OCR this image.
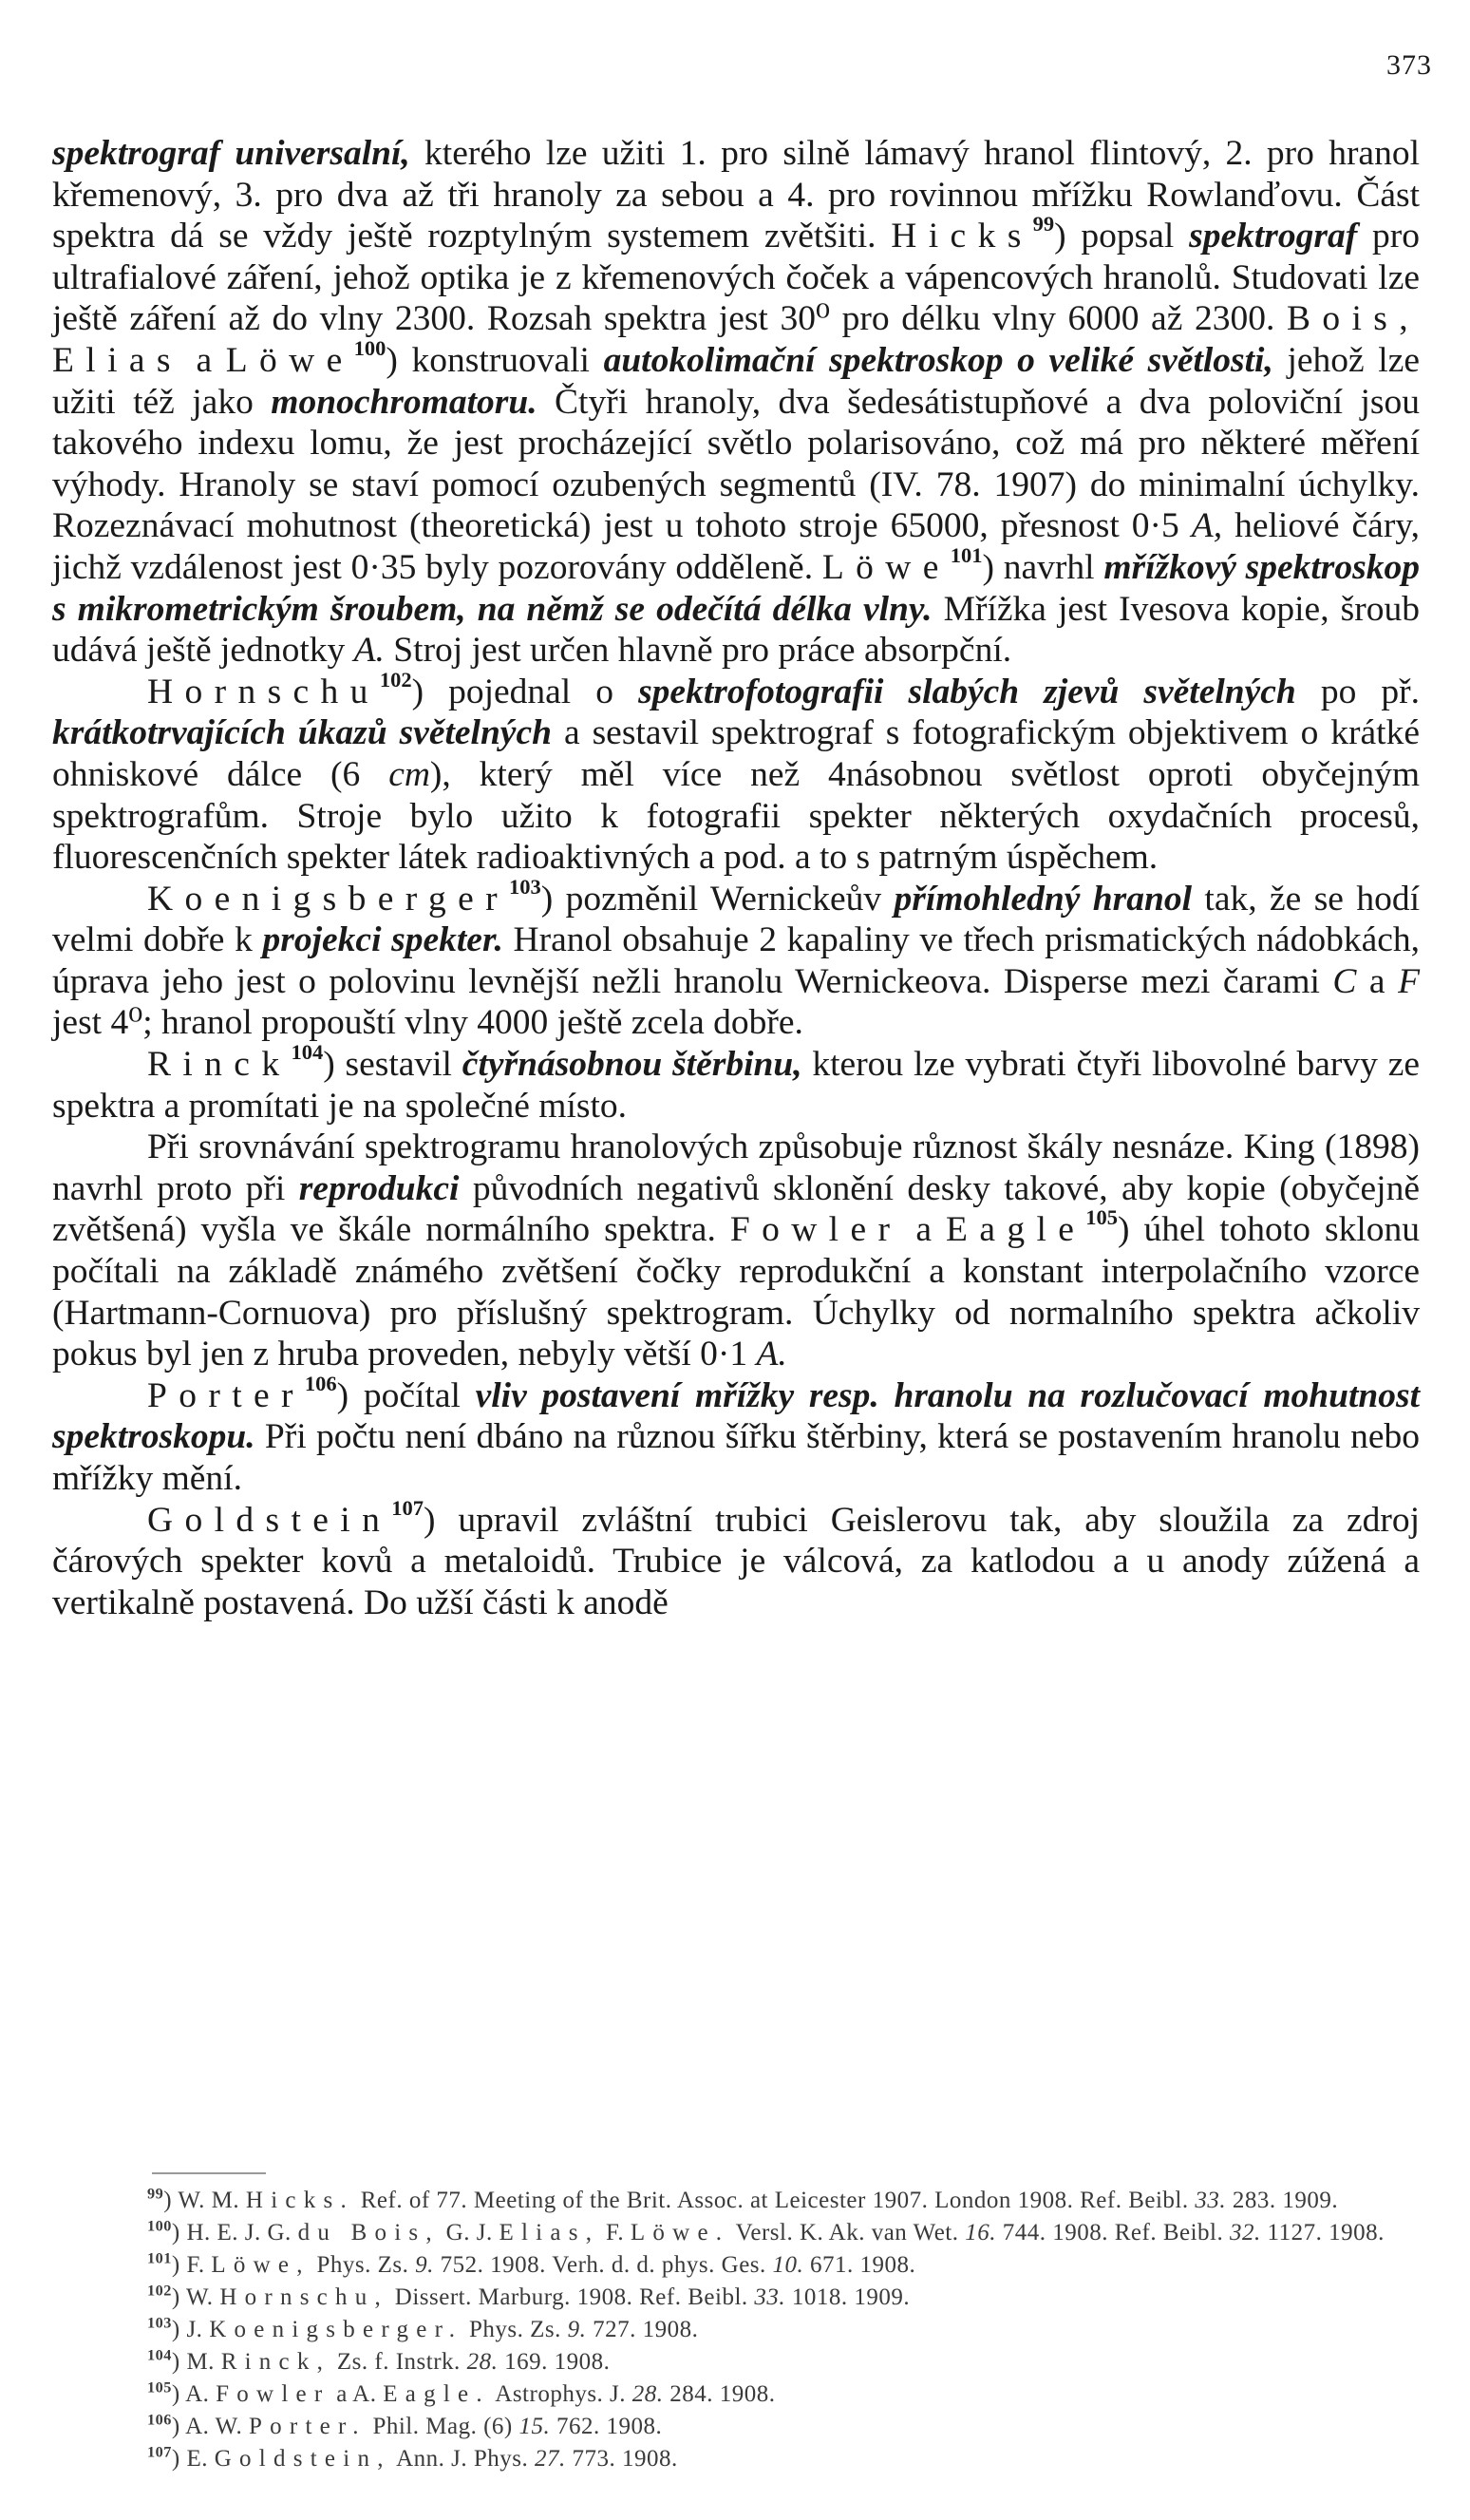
373

spektrograf universalní, kterého lze užiti 1. pro silně lámavý hranol flintový, 2. pro hranol křemenový, 3. pro dva až tři hranoly za sebou a 4. pro rovinnou mřížku Rowlanďovu. Část spektra dá se vždy ještě rozptylným systemem zvětšiti. Hicks$^{99}$) popsal spektrograf pro ultrafialové záření, jehož optika je z křemenových čoček a vápencových hranolů. Studovati lze ještě záření až do vlny 2300. Rozsah spektra jest 30⁰ pro délku vlny 6000 až 2300. Bois, Elias a Löwe$^{100}$) konstruovali autokolimační spektroskop o veliké světlosti, jehož lze užiti též jako monochromatoru. Čtyři hranoly, dva šedesátistupňové a dva poloviční jsou takového indexu lomu, že jest procházející světlo polarisováno, což má pro některé měření výhody. Hranoly se staví pomocí ozubených segmentů (IV. 78. 1907) do minimalní úchylky. Rozeznávací mohutnost (theoretická) jest u tohoto stroje 65000, přesnost 0·5 A, heliové čáry, jichž vzdálenost jest 0·35 byly pozorovány odděleně. Löwe$^{101}$) navrhl mřížkový spektroskop s mikrometrickým šroubem, na němž se odečítá délka vlny. Mřížka jest Ivesova kopie, šroub udává ještě jednotky A. Stroj jest určen hlavně pro práce absorpční.

Hornschu$^{102}$) pojednal o spektrofotografii slabých zjevů světelných po př. krátkotrvajících úkazů světelných a sestavil spektrograf s fotografickým objektivem o krátké ohniskové dálce (6 cm), který měl více než 4násobnou světlost oproti obyčejným spektrografům. Stroje bylo užito k fotografii spekter některých oxydačních procesů, fluorescenčních spekter látek radioaktivných a pod. a to s patrným úspěchem.

Koenigsberger$^{103}$) pozměnil Wernickeův přímohledný hranol tak, že se hodí velmi dobře k projekci spekter. Hranol obsahuje 2 kapaliny ve třech prismatických nádobkách, úprava jeho jest o polovinu levnější nežli hranolu Wernickeova. Disperse mezi čarami C a F jest 4⁰; hranol propouští vlny 4000 ještě zcela dobře.

Rinck$^{104}$) sestavil čtyřnásobnou štěrbinu, kterou lze vybrati čtyři libovolné barvy ze spektra a promítati je na společné místo.

Při srovnávání spektrogramu hranolových způsobuje různost škály nesnáze. King (1898) navrhl proto při reprodukci původních negativů sklonění desky takové, aby kopie (obyčejně zvětšená) vyšla ve škále normálního spektra. Fowler a Eagle$^{105}$) úhel tohoto sklonu počítali na základě známého zvětšení čočky reprodukční a konstant interpolačního vzorce (Hartmann-Cornuova) pro příslušný spektrogram. Úchylky od normalního spektra ačkoliv pokus byl jen z hruba proveden, nebyly větší 0·1 A.

Porter$^{106}$) počítal vliv postavení mřížky resp. hranolu na rozlučovací mohutnost spektroskopu. Při počtu není dbáno na různou šířku štěrbiny, která se postavením hranolu nebo mřížky mění.

Goldstein$^{107}$) upravil zvláštní trubici Geislerovu tak, aby sloužila za zdroj čárových spekter kovů a metaloidů. Trubice je válcová, za katlodou a u anody zúžená a vertikalně postavená. Do užší části k anodě

$^{99}$) W. M. Hicks. Ref. of 77. Meeting of the Brit. Assoc. at Leicester 1907. London 1908. Ref. Beibl. 33. 283. 1909.

$^{100}$) H. E. J. G. du Bois, G. J. Elias, F. Löwe. Versl. K. Ak. van Wet. 16. 744. 1908. Ref. Beibl. 32. 1127. 1908.

$^{101}$) F. Löwe, Phys. Zs. 9. 752. 1908. Verh. d. d. phys. Ges. 10. 671. 1908.

$^{102}$) W. Hornschu, Dissert. Marburg. 1908. Ref. Beibl. 33. 1018. 1909.

$^{103}$) J. Koenigsberger. Phys. Zs. 9. 727. 1908.

$^{104}$) M. Rinck, Zs. f. Instrk. 28. 169. 1908.

$^{105}$) A. Fowler a A. Eagle. Astrophys. J. 28. 284. 1908.

$^{106}$) A. W. Porter. Phil. Mag. (6) 15. 762. 1908.

$^{107}$) E. Goldstein, Ann. J. Phys. 27. 773. 1908.
